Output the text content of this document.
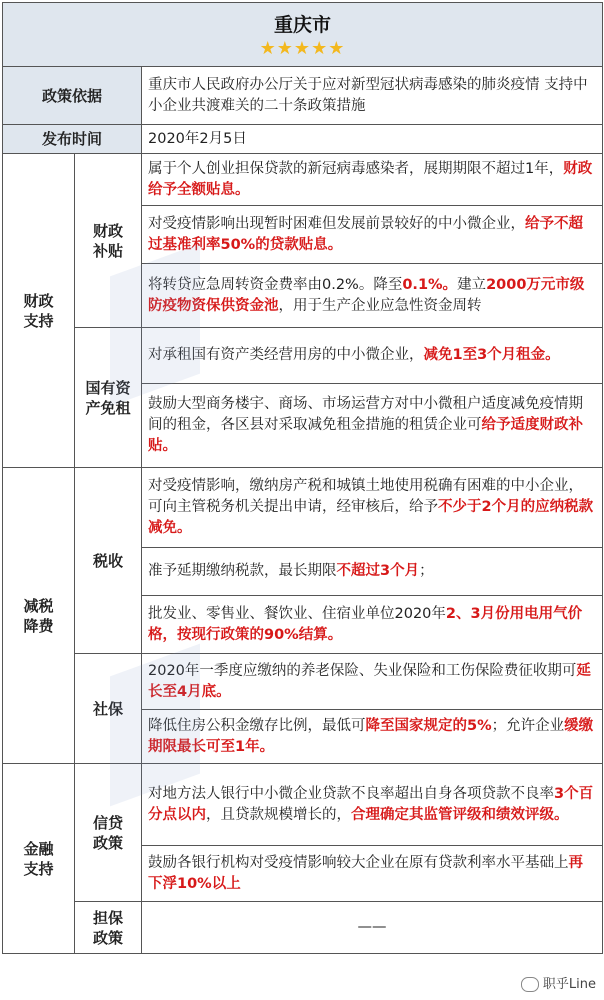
重庆市
★★★★★		

政策依据		重庆市人民政府办公厅关于应对新型冠状病毒感染的肺炎疫情 支持中小企业共渡难关的二十条政策措施
发布时间		2020年2月5日

财政支持	财政补贴	属于个人创业担保贷款的新冠病毒感染者，展期期限不超过1年，财政给予全额贴息。
		对受疫情影响出现暂时困难但发展前景较好的中小微企业，给予不超过基准利率50%的贷款贴息。
		将转贷应急周转资金费率由0.2%。降至0.1%。建立2000万元市级防疫物资保供资金池，用于生产企业应急性资金周转

	国有资产免租	对承租国有资产类经营用房的中小微企业，减免1至3个月租金。
		鼓励大型商务楼宇、商场、市场运营方对中小微租户适度减免疫情期间的租金，各区县对采取减免租金措施的租赁企业可给予适度财政补贴。

减税降费	税收	对受疫情影响，缴纳房产税和城镇土地使用税确有困难的中小企业，可向主管税务机关提出申请，经审核后，给予不少于2个月的应纳税款减免。
		准予延期缴纳税款，最长期限不超过3个月；
		批发业、零售业、餐饮业、住宿业单位2020年2、3月份用电用气价格，按现行政策的90%结算。
	社保	2020年一季度应缴纳的养老保险、失业保险和工伤保险费征收期可延长至4月底。
		降低住房公积金缴存比例，最低可降至国家规定的5%；允许企业缓缴期限最长可至1年。

金融支持	信贷政策	对地方法人银行中小微企业贷款不良率超出自身各项贷款不良率3个百分点以内，且贷款规模增长的，合理确定其监管评级和绩效评级。
		鼓励各银行机构对受疫情影响较大企业在原有贷款利率水平基础上再下浮10%以上

	担保政策	——
职乎Line
